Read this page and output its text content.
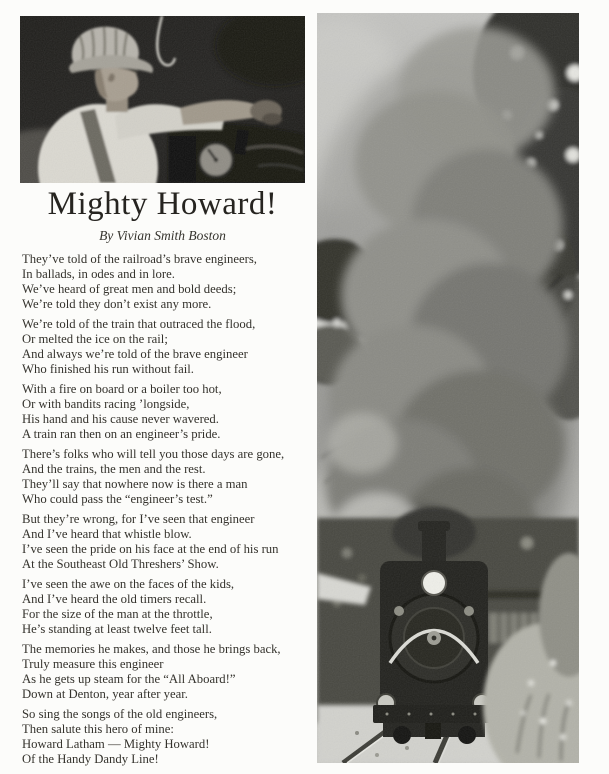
Mighty Howard!
By Vivian Smith Boston
They’ve told of the railroad’s brave engineers,
In ballads, in odes and in lore.
We’ve heard of great men and bold deeds;
We’re told they don’t exist any more.
We’re told of the train that outraced the flood,
Or melted the ice on the rail;
And always we’re told of the brave engineer
Who finished his run without fail.
With a fire on board or a boiler too hot,
Or with bandits racing ’longside,
His hand and his cause never wavered.
A train ran then on an engineer’s pride.
There’s folks who will tell you those days are gone,
And the trains, the men and the rest.
They’ll say that nowhere now is there a man
Who could pass the “engineer’s test.”
But they’re wrong, for I’ve seen that engineer
And I’ve heard that whistle blow.
I’ve seen the pride on his face at the end of his run
At the Southeast Old Threshers’ Show.
I’ve seen the awe on the faces of the kids,
And I’ve heard the old timers recall.
For the size of the man at the throttle,
He’s standing at least twelve feet tall.
The memories he makes, and those he brings back,
Truly measure this engineer
As he gets up steam for the “All Aboard!”
Down at Denton, year after year.
So sing the songs of the old engineers,
Then salute this hero of mine:
Howard Latham — Mighty Howard!
Of the Handy Dandy Line!
